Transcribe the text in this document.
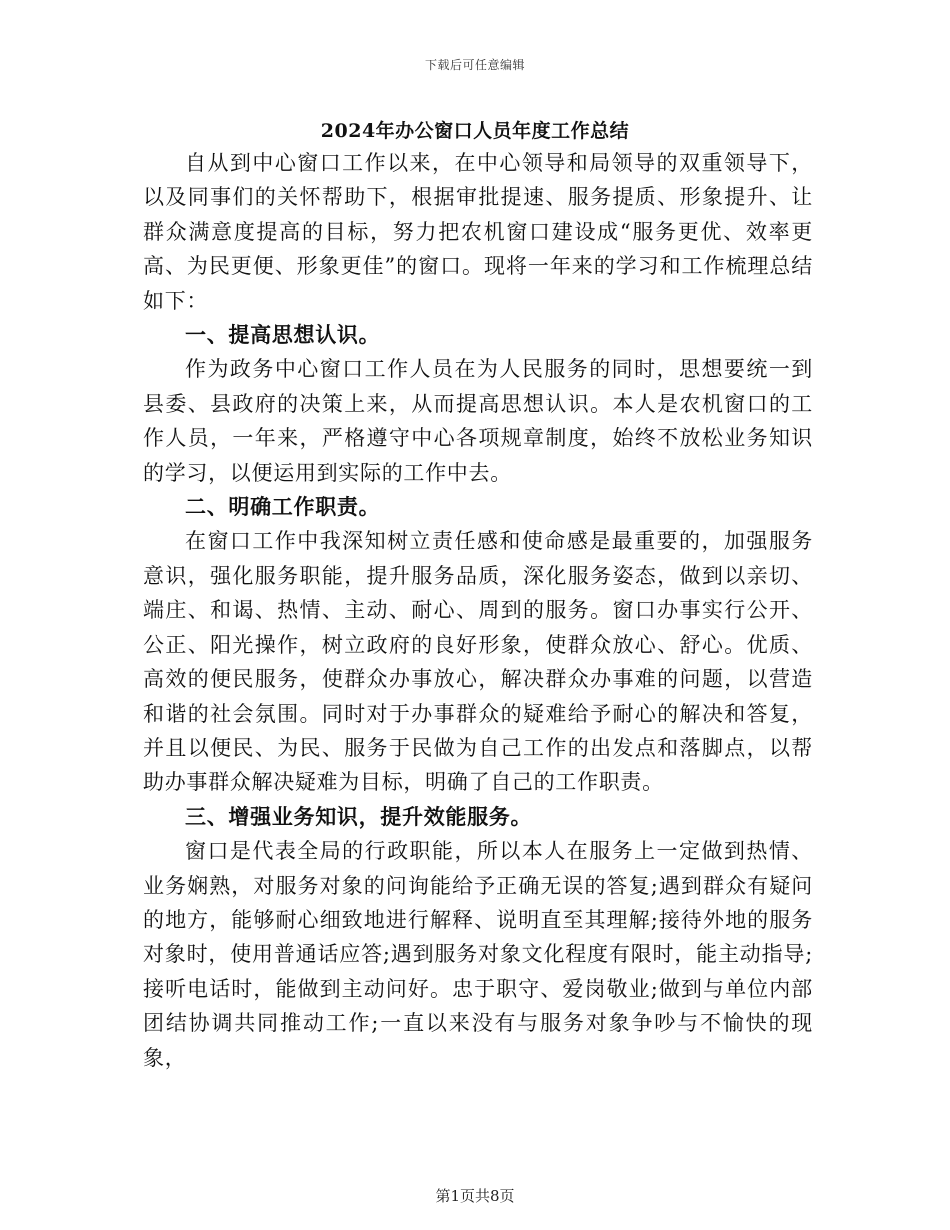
下载后可任意编辑
2024年办公窗口人员年度工作总结

自从到中心窗口工作以来，在中心领导和局领导的双重领导下，以及同事们的关怀帮助下，根据审批提速、服务提质、形象提升、让群众满意度提高的目标，努力把农机窗口建设成“服务更优、效率更高、为民更便、形象更佳”的窗口。现将一年来的学习和工作梳理总结如下：

一、提高思想认识。

作为政务中心窗口工作人员在为人民服务的同时，思想要统一到县委、县政府的决策上来，从而提高思想认识。本人是农机窗口的工作人员，一年来，严格遵守中心各项规章制度，始终不放松业务知识的学习，以便运用到实际的工作中去。

二、明确工作职责。

在窗口工作中我深知树立责任感和使命感是最重要的，加强服务意识，强化服务职能，提升服务品质，深化服务姿态，做到以亲切、端庄、和谒、热情、主动、耐心、周到的服务。窗口办事实行公开、公正、阳光操作，树立政府的良好形象，使群众放心、舒心。优质、高效的便民服务，使群众办事放心，解决群众办事难的问题，以营造和谐的社会氛围。同时对于办事群众的疑难给予耐心的解决和答复，并且以便民、为民、服务于民做为自己工作的出发点和落脚点，以帮助办事群众解决疑难为目标，明确了自己的工作职责。

三、增强业务知识，提升效能服务。

窗口是代表全局的行政职能，所以本人在服务上一定做到热情、业务娴熟，对服务对象的问询能给予正确无误的答复;遇到群众有疑问的地方，能够耐心细致地进行解释、说明直至其理解;接待外地的服务对象时，使用普通话应答;遇到服务对象文化程度有限时，能主动指导;接听电话时，能做到主动问好。忠于职守、爱岗敬业;做到与单位内部团结协调共同推动工作;一直以来没有与服务对象争吵与不愉快的现象，

第1页共8页
